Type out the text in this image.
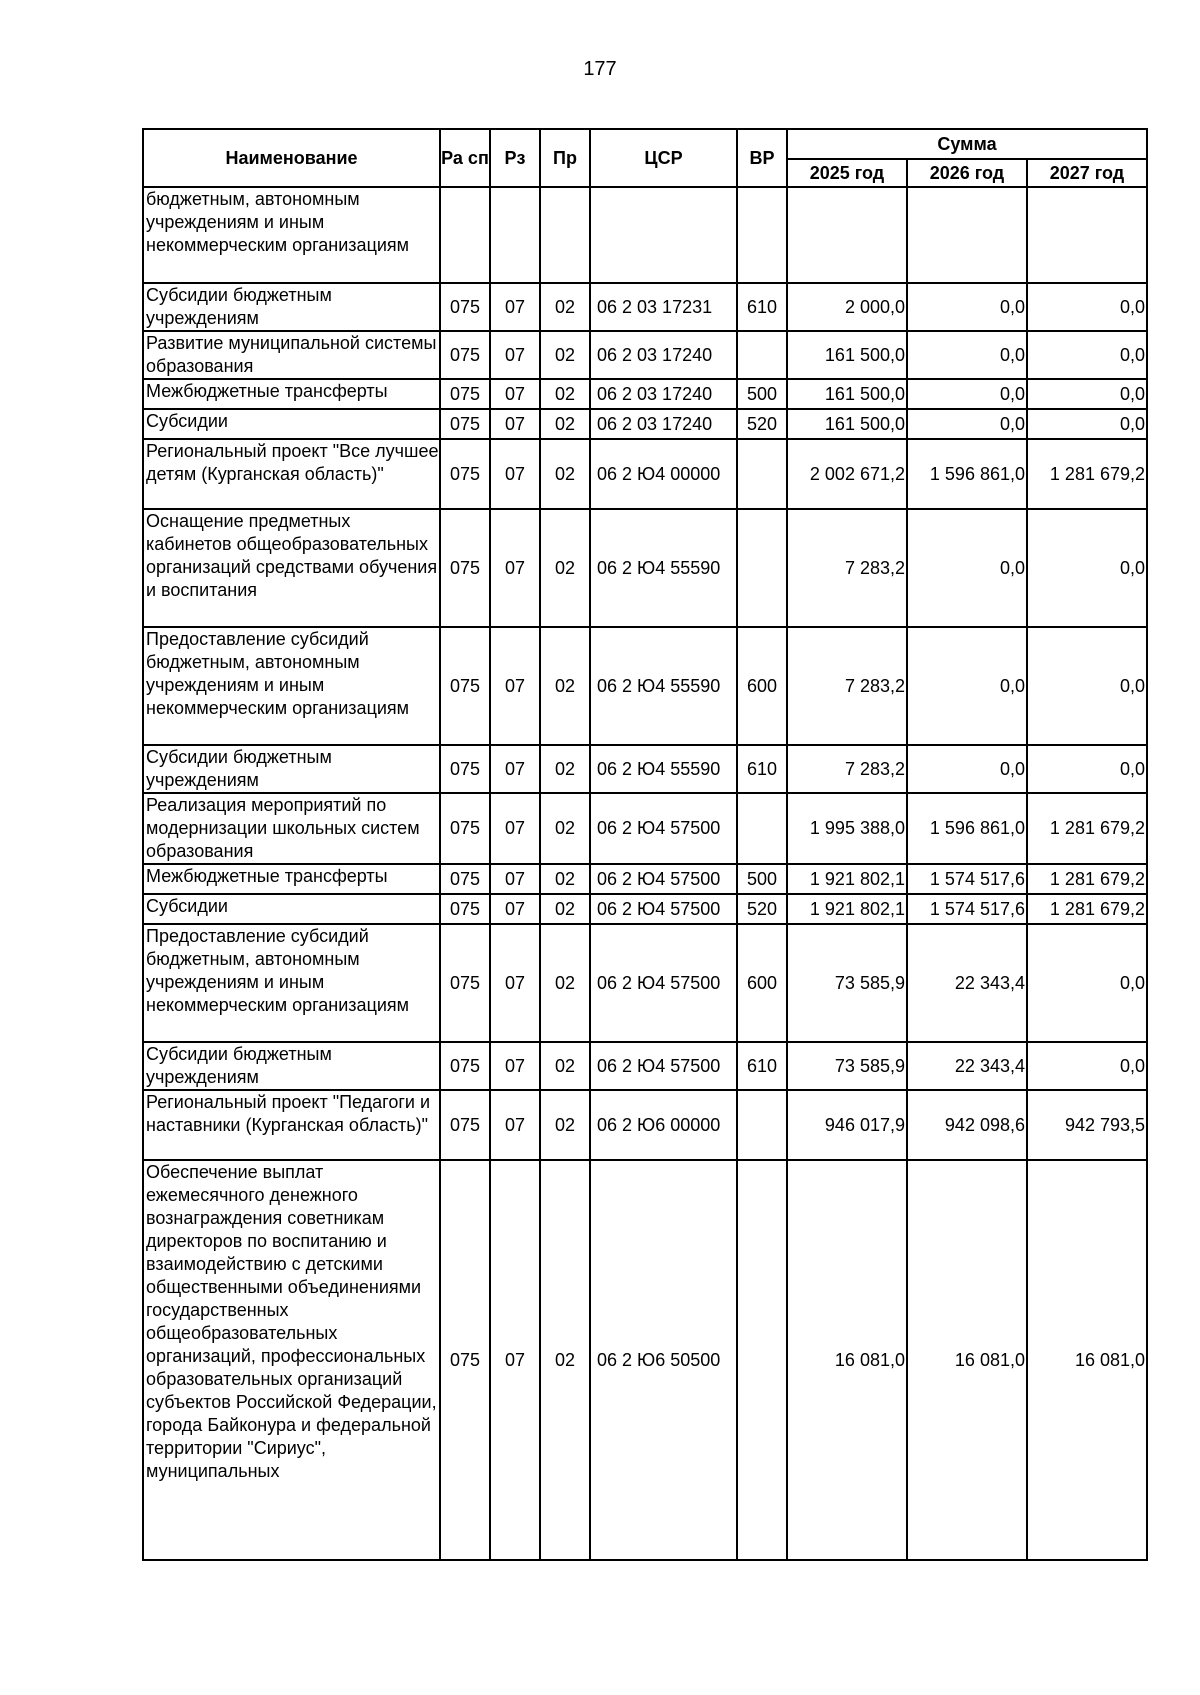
177
Наименование	Ра сп	Рз	Пр	ЦСР	ВР	Сумма		
						2025 год	2026 год	2027 год
бюджетным, автономным учреждениям и иным некоммерческим организациям								
Субсидии бюджетным учреждениям	075	07	02	06 2 03 17231	610	2 000,0	0,0	0,0
Развитие муниципальной системы образования	075	07	02	06 2 03 17240		161 500,0	0,0	0,0
Межбюджетные трансферты	075	07	02	06 2 03 17240	500	161 500,0	0,0	0,0
Субсидии	075	07	02	06 2 03 17240	520	161 500,0	0,0	0,0
Региональный проект "Все лучшее детям (Курганская область)"	075	07	02	06 2 Ю4 00000		2 002 671,2	1 596 861,0	1 281 679,2
Оснащение предметных кабинетов общеобразовательных организаций средствами обучения и воспитания	075	07	02	06 2 Ю4 55590		7 283,2	0,0	0,0
Предоставление субсидий бюджетным, автономным учреждениям и иным некоммерческим организациям	075	07	02	06 2 Ю4 55590	600	7 283,2	0,0	0,0
Субсидии бюджетным учреждениям	075	07	02	06 2 Ю4 55590	610	7 283,2	0,0	0,0
Реализация мероприятий по модернизации школьных систем образования	075	07	02	06 2 Ю4 57500		1 995 388,0	1 596 861,0	1 281 679,2
Межбюджетные трансферты	075	07	02	06 2 Ю4 57500	500	1 921 802,1	1 574 517,6	1 281 679,2
Субсидии	075	07	02	06 2 Ю4 57500	520	1 921 802,1	1 574 517,6	1 281 679,2
Предоставление субсидий бюджетным, автономным учреждениям и иным некоммерческим организациям	075	07	02	06 2 Ю4 57500	600	73 585,9	22 343,4	0,0
Субсидии бюджетным учреждениям	075	07	02	06 2 Ю4 57500	610	73 585,9	22 343,4	0,0
Региональный проект "Педагоги и наставники (Курганская область)"	075	07	02	06 2 Ю6 00000		946 017,9	942 098,6	942 793,5
Обеспечение выплат ежемесячного денежного вознаграждения советникам директоров по воспитанию и взаимодействию с детскими общественными объединениями государственных общеобразовательных организаций, профессиональных образовательных организаций субъектов Российской Федерации, города Байконура и федеральной территории "Сириус", муниципальных	075	07	02	06 2 Ю6 50500		16 081,0	16 081,0	16 081,0
